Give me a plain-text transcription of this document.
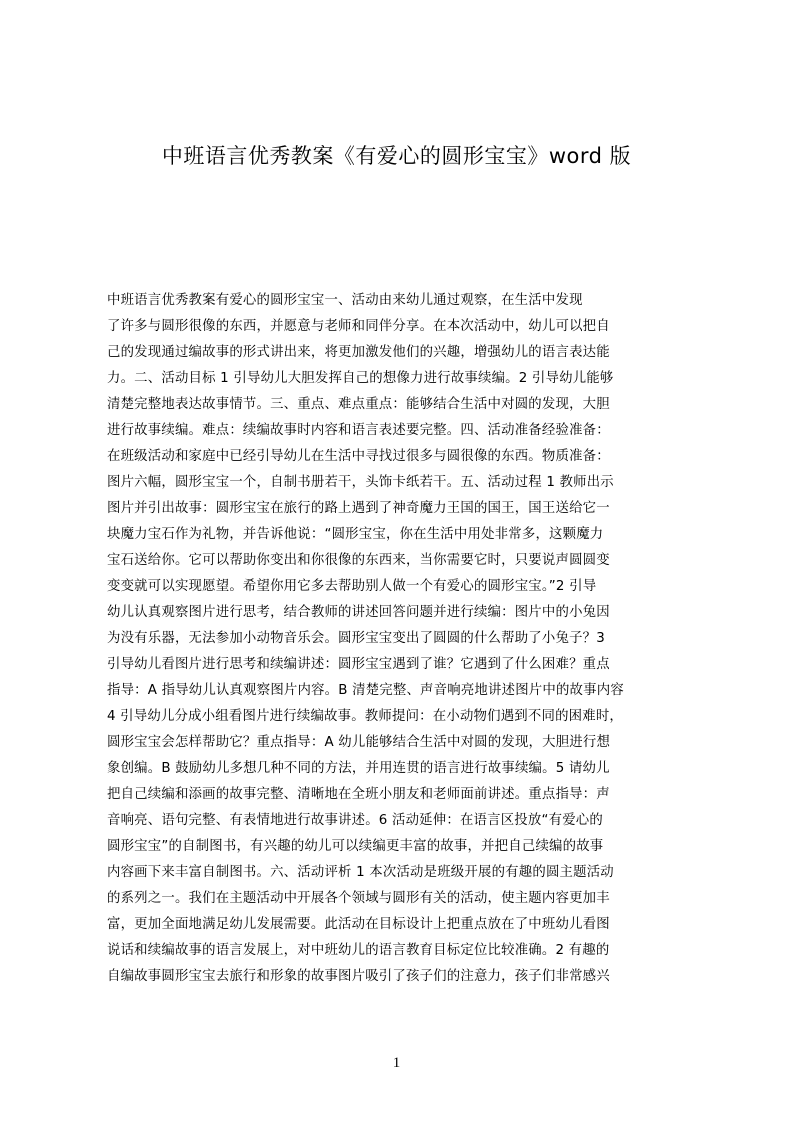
中班语言优秀教案《有爱心的圆形宝宝》word 版
中班语言优秀教案有爱心的圆形宝宝一、活动由来幼儿通过观察，在生活中发现
了许多与圆形很像的东西，并愿意与老师和同伴分享。在本次活动中，幼儿可以把自
己的发现通过编故事的形式讲出来，将更加激发他们的兴趣，增强幼儿的语言表达能
力。二、活动目标 1 引导幼儿大胆发挥自己的想像力进行故事续编。2 引导幼儿能够
清楚完整地表达故事情节。三、重点、难点重点：能够结合生活中对圆的发现，大胆
进行故事续编。难点：续编故事时内容和语言表述要完整。四、活动准备经验准备：
在班级活动和家庭中已经引导幼儿在生活中寻找过很多与圆很像的东西。物质准备：
图片六幅，圆形宝宝一个，自制书册若干，头饰卡纸若干。五、活动过程 1 教师出示
图片并引出故事：圆形宝宝在旅行的路上遇到了神奇魔力王国的国王，国王送给它一
块魔力宝石作为礼物，并告诉他说：“圆形宝宝，你在生活中用处非常多，这颗魔力
宝石送给你。它可以帮助你变出和你很像的东西来，当你需要它时，只要说声圆圆变
变变就可以实现愿望。希望你用它多去帮助别人做一个有爱心的圆形宝宝。”2 引导
幼儿认真观察图片进行思考，结合教师的讲述回答问题并进行续编：图片中的小兔因
为没有乐器，无法参加小动物音乐会。圆形宝宝变出了圆圆的什么帮助了小兔子？3
引导幼儿看图片进行思考和续编讲述：圆形宝宝遇到了谁？它遇到了什么困难？重点
指导：A 指导幼儿认真观察图片内容。B 清楚完整、声音响亮地讲述图片中的故事内容
4 引导幼儿分成小组看图片进行续编故事。教师提问：在小动物们遇到不同的困难时，
圆形宝宝会怎样帮助它？重点指导：A 幼儿能够结合生活中对圆的发现，大胆进行想
象创编。B 鼓励幼儿多想几种不同的方法，并用连贯的语言进行故事续编。5 请幼儿
把自己续编和添画的故事完整、清晰地在全班小朋友和老师面前讲述。重点指导：声
音响亮、语句完整、有表情地进行故事讲述。6 活动延伸：在语言区投放“有爱心的
圆形宝宝”的自制图书，有兴趣的幼儿可以续编更丰富的故事，并把自己续编的故事
内容画下来丰富自制图书。六、活动评析 1 本次活动是班级开展的有趣的圆主题活动
的系列之一。我们在主题活动中开展各个领域与圆形有关的活动，使主题内容更加丰
富，更加全面地满足幼儿发展需要。此活动在目标设计上把重点放在了中班幼儿看图
说话和续编故事的语言发展上，对中班幼儿的语言教育目标定位比较准确。2 有趣的
自编故事圆形宝宝去旅行和形象的故事图片吸引了孩子们的注意力，孩子们非常感兴
1
